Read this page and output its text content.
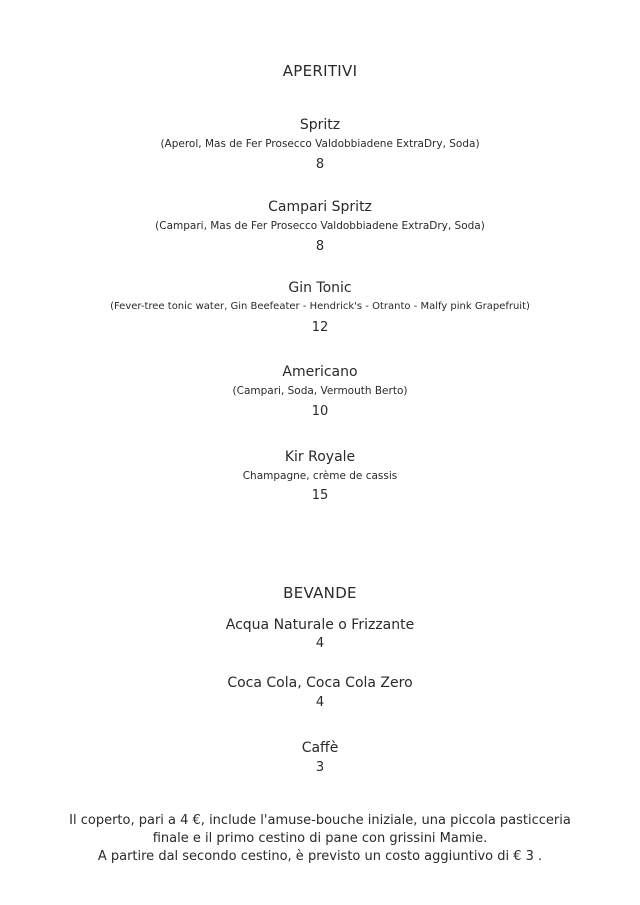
APERITIVI
Spritz
(Aperol, Mas de Fer Prosecco Valdobbiadene ExtraDry, Soda)
8
Campari Spritz
(Campari, Mas de Fer Prosecco Valdobbiadene ExtraDry, Soda)
8
Gin Tonic
(Fever-tree tonic water, Gin Beefeater - Hendrick's - Otranto - Malfy pink Grapefruit)
12
Americano
(Campari, Soda, Vermouth Berto)
10
Kir Royale
Champagne, crème de cassis
15
BEVANDE
Acqua Naturale o Frizzante
4
Coca Cola, Coca Cola Zero
4
Caffè
3
Il coperto, pari a 4 €, include l'amuse-bouche iniziale, una piccola pasticceria
finale e il primo cestino di pane con grissini Mamie.
A partire dal secondo cestino, è previsto un costo aggiuntivo di € 3 .
